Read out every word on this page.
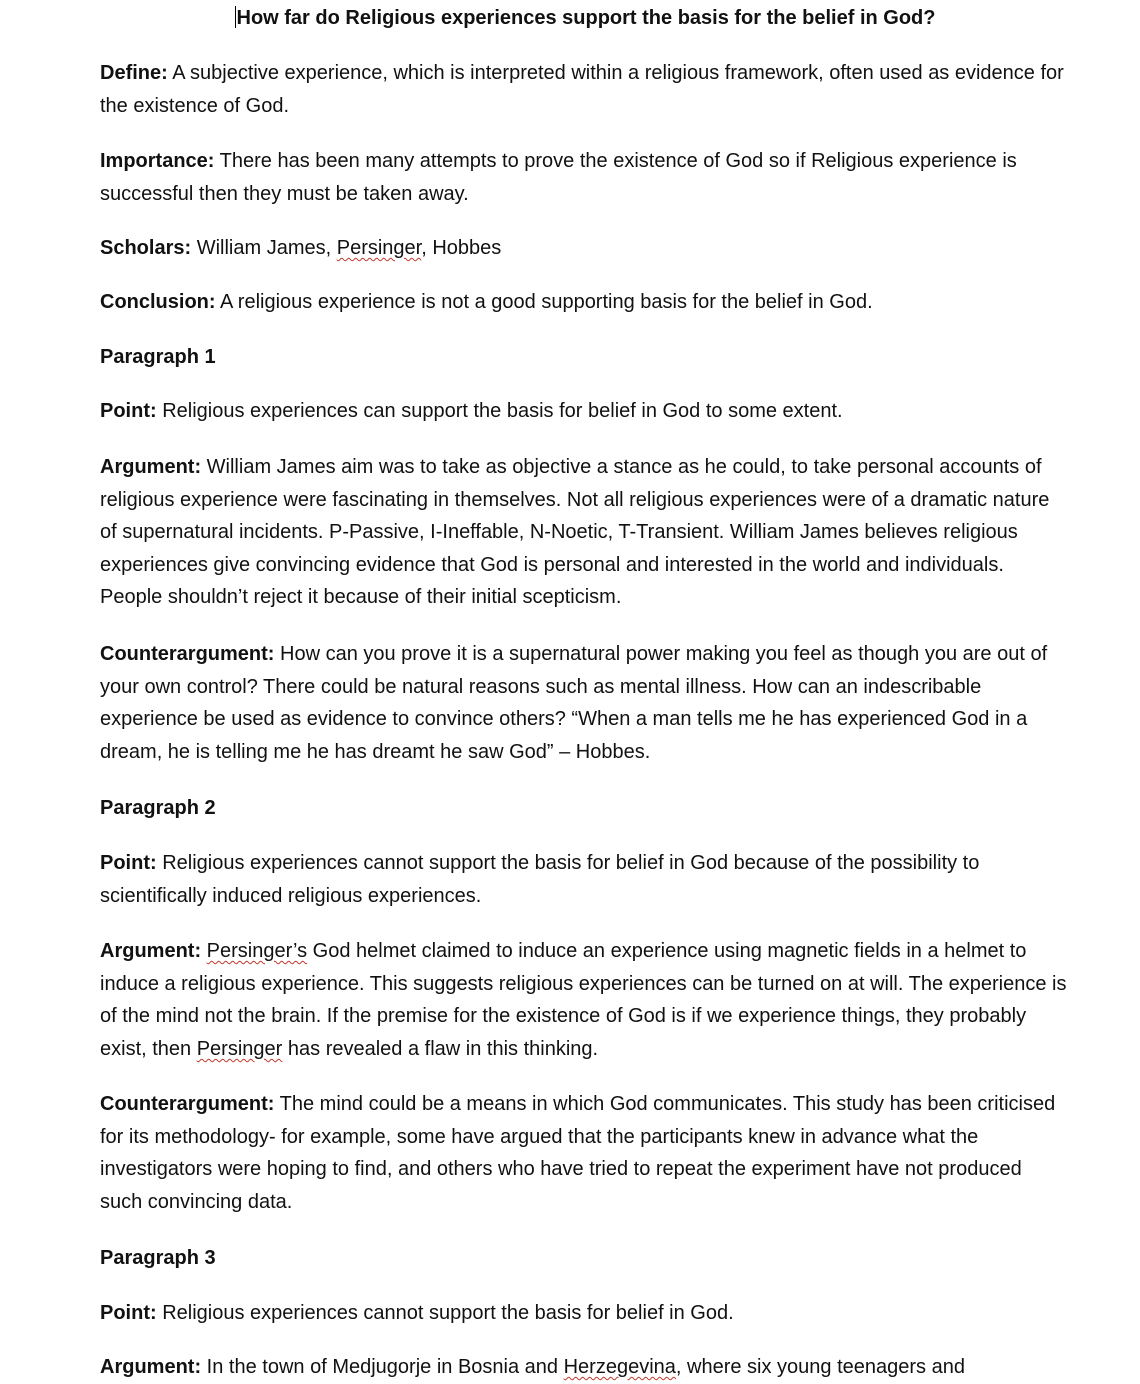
How far do Religious experiences support the basis for the belief in God?

Define: A subjective experience, which is interpreted within a religious framework, often used as evidence for the existence of God.

Importance: There has been many attempts to prove the existence of God so if Religious experience is successful then they must be taken away.

Scholars: William James, Persinger, Hobbes

Conclusion: A religious experience is not a good supporting basis for the belief in God.

Paragraph 1

Point: Religious experiences can support the basis for belief in God to some extent.

Argument: William James aim was to take as objective a stance as he could, to take personal accounts of religious experience were fascinating in themselves. Not all religious experiences were of a dramatic nature of supernatural incidents. P-Passive, I-Ineffable, N-Noetic, T-Transient. William James believes religious experiences give convincing evidence that God is personal and interested in the world and individuals. People shouldn’t reject it because of their initial scepticism.

Counterargument: How can you prove it is a supernatural power making you feel as though you are out of your own control? There could be natural reasons such as mental illness. How can an indescribable experience be used as evidence to convince others? “When a man tells me he has experienced God in a dream, he is telling me he has dreamt he saw God” – Hobbes.

Paragraph 2

Point: Religious experiences cannot support the basis for belief in God because of the possibility to scientifically induced religious experiences.

Argument: Persinger’s God helmet claimed to induce an experience using magnetic fields in a helmet to induce a religious experience. This suggests religious experiences can be turned on at will. The experience is of the mind not the brain. If the premise for the existence of God is if we experience things, they probably exist, then Persinger has revealed a flaw in this thinking.

Counterargument: The mind could be a means in which God communicates. This study has been criticised for its methodology- for example, some have argued that the participants knew in advance what the investigators were hoping to find, and others who have tried to repeat the experiment have not produced such convincing data.

Paragraph 3

Point: Religious experiences cannot support the basis for belief in God.

Argument: In the town of Medjugorje in Bosnia and Herzegevina, where six young teenagers and
